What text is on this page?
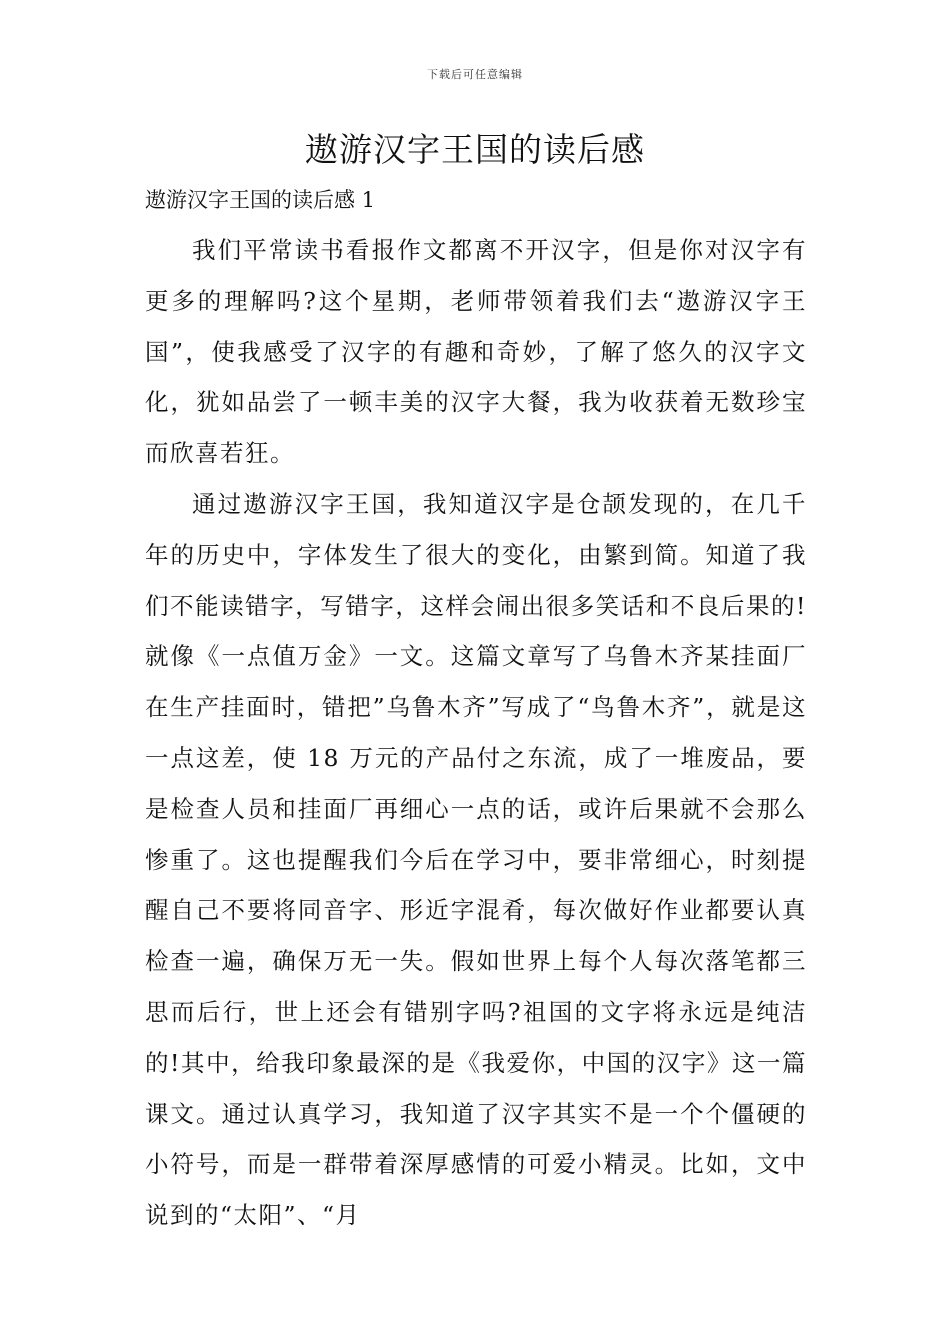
下载后可任意编辑
遨游汉字王国的读后感

遨游汉字王国的读后感 1

我们平常读书看报作文都离不开汉字，但是你对汉字有更多的理解吗?这个星期，老师带领着我们去“遨游汉字王国”，使我感受了汉字的有趣和奇妙，了解了悠久的汉字文化，犹如品尝了一顿丰美的汉字大餐，我为收获着无数珍宝而欣喜若狂。

通过遨游汉字王国，我知道汉字是仓颉发现的，在几千年的历史中，字体发生了很大的变化，由繁到简。知道了我们不能读错字，写错字，这样会闹出很多笑话和不良后果的!就像《一点值万金》一文。这篇文章写了乌鲁木齐某挂面厂在生产挂面时，错把”乌鲁木齐”写成了“鸟鲁木齐”，就是这一点这差，使 18 万元的产品付之东流，成了一堆废品，要是检查人员和挂面厂再细心一点的话，或许后果就不会那么惨重了。这也提醒我们今后在学习中，要非常细心，时刻提醒自己不要将同音字、形近字混肴，每次做好作业都要认真检查一遍，确保万无一失。假如世界上每个人每次落笔都三思而后行，世上还会有错别字吗?祖国的文字将永远是纯洁的!其中，给我印象最深的是《我爱你，中国的汉字》这一篇课文。通过认真学习，我知道了汉字其实不是一个个僵硬的小符号，而是一群带着深厚感情的可爱小精灵。比如，文中说到的“太阳”、“月
